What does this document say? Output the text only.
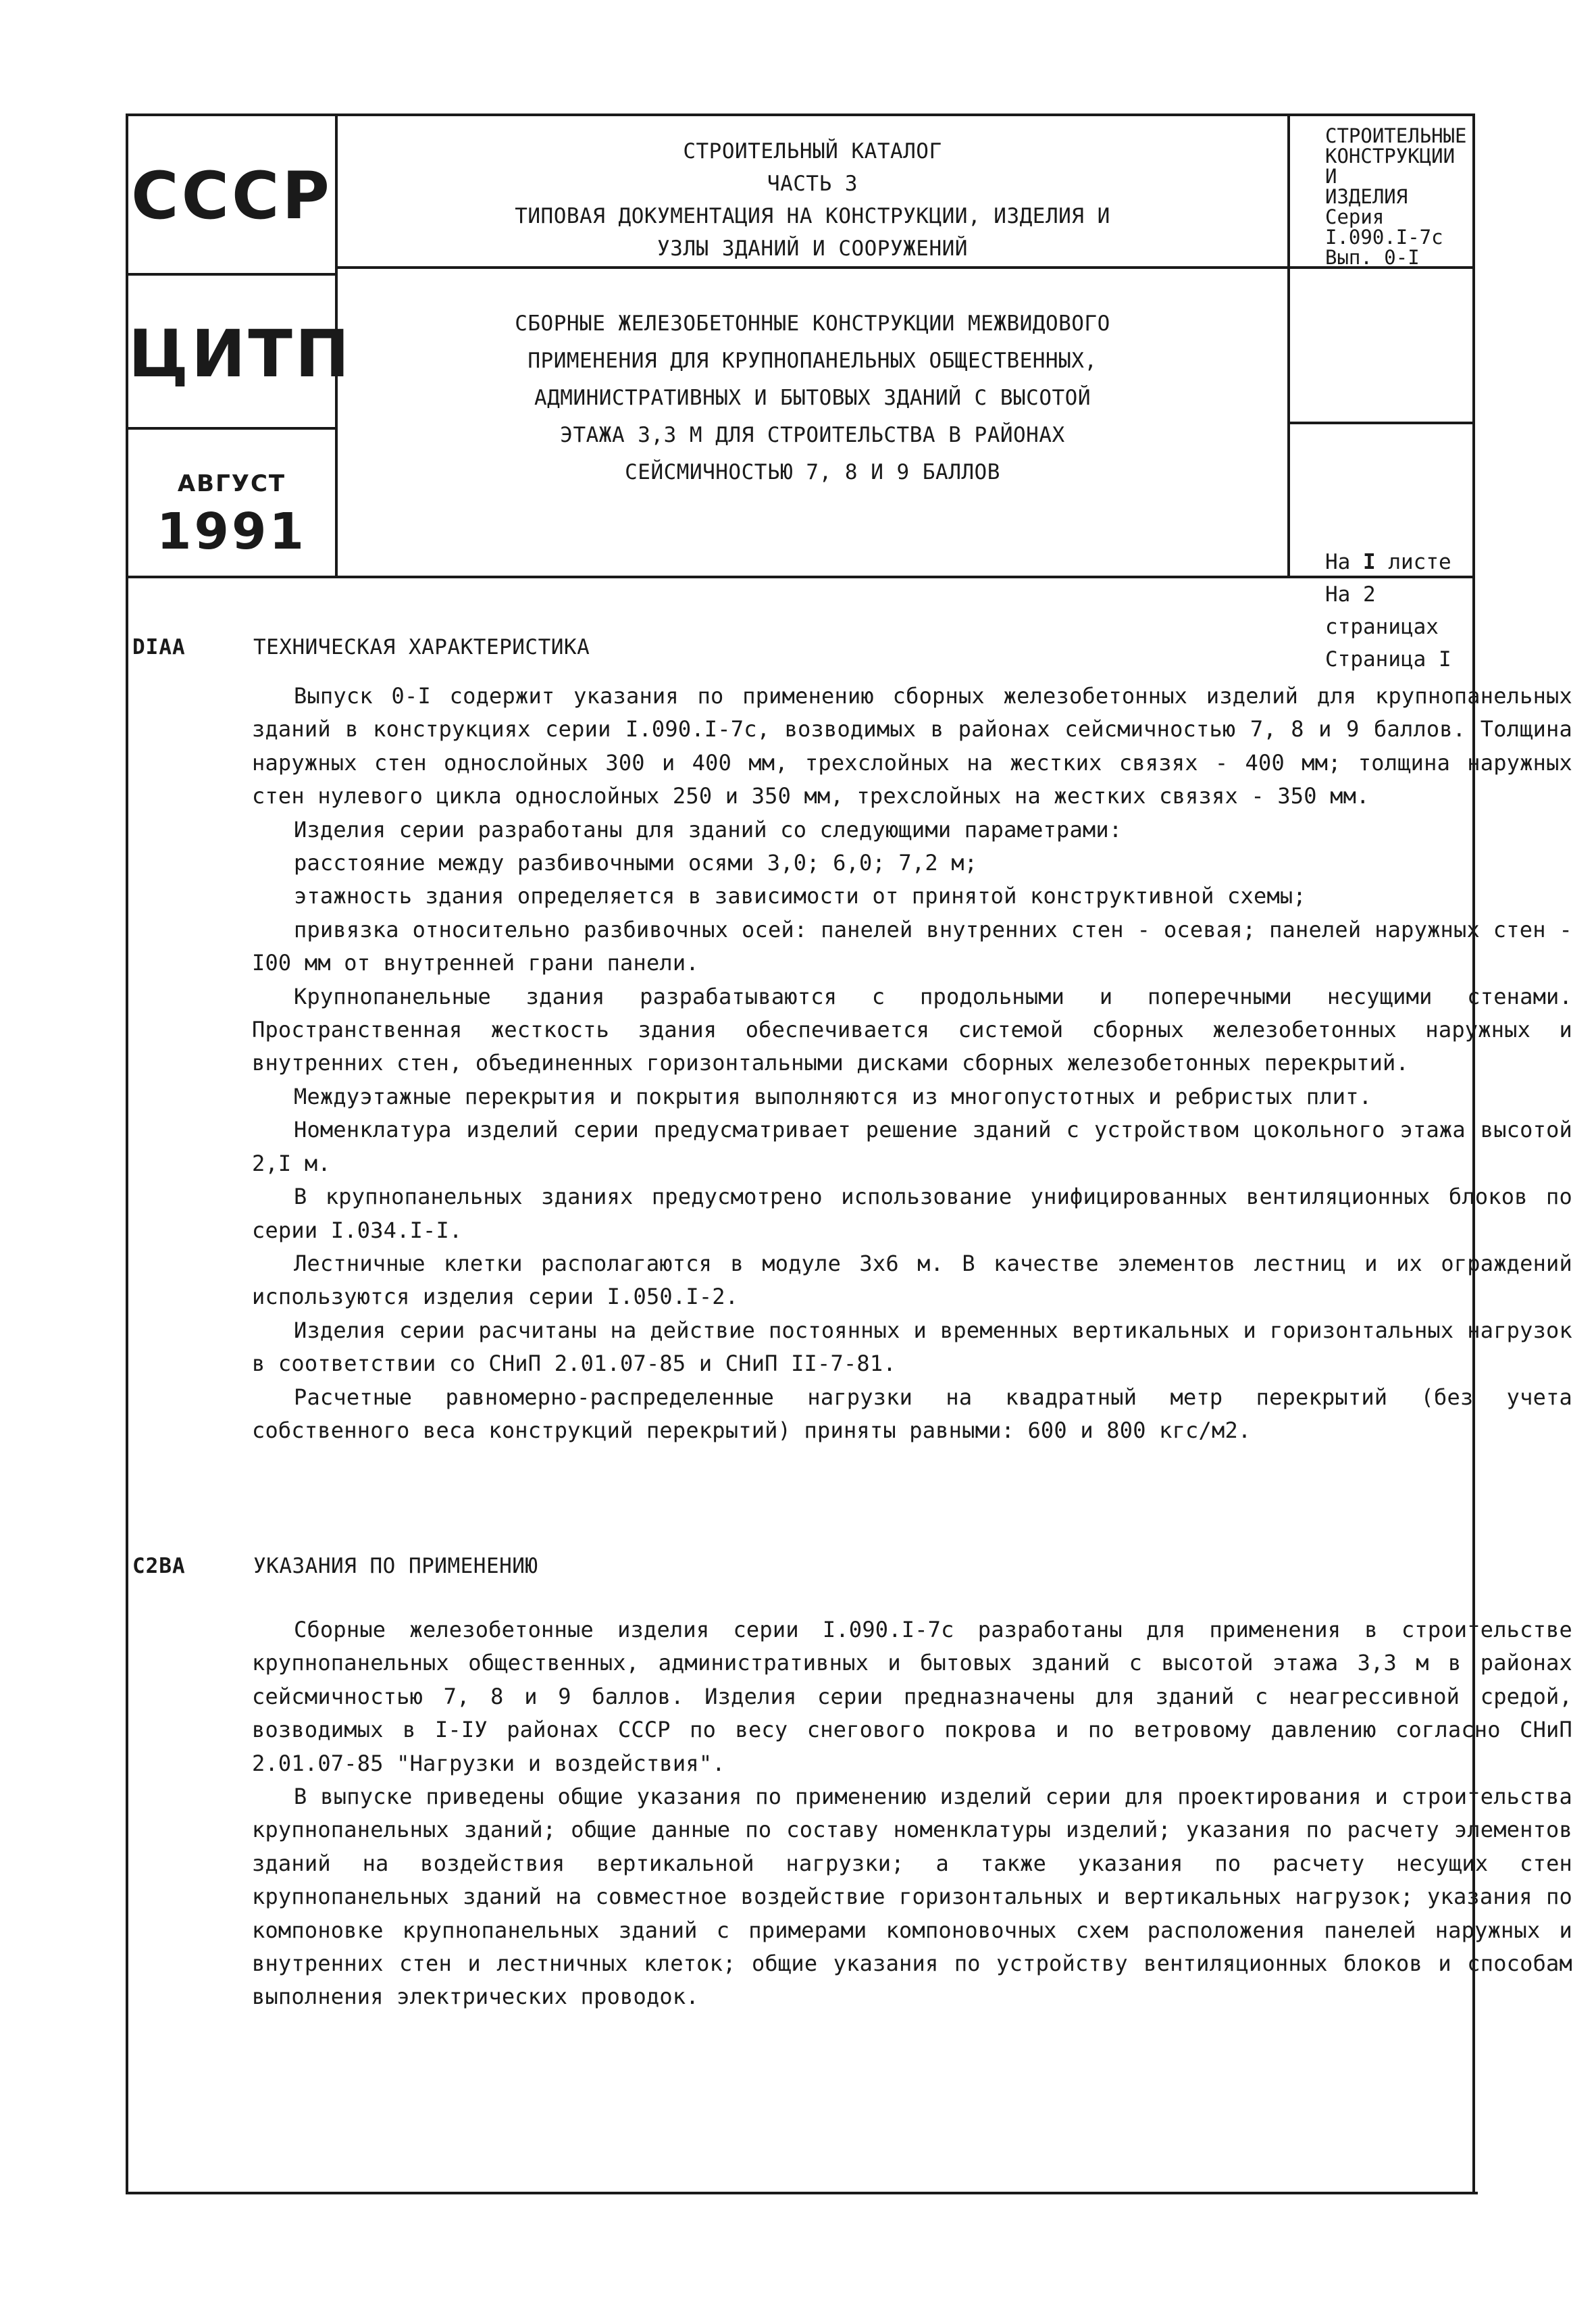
СССР
ЦИТП
АВГУСТ
1991
СТРОИТЕЛЬНЫЙ КАТАЛОГ
ЧАСТЬ 3
ТИПОВАЯ ДОКУМЕНТАЦИЯ НА КОНСТРУКЦИИ, ИЗДЕЛИЯ И
УЗЛЫ ЗДАНИЙ И СООРУЖЕНИЙ
СБОРНЫЕ ЖЕЛЕЗОБЕТОННЫЕ КОНСТРУКЦИИ МЕЖВИДОВОГО
ПРИМЕНЕНИЯ ДЛЯ КРУПНОПАНЕЛЬНЫХ ОБЩЕСТВЕННЫХ,
АДМИНИСТРАТИВНЫХ И БЫТОВЫХ ЗДАНИЙ С ВЫСОТОЙ
ЭТАЖА 3,3 М ДЛЯ СТРОИТЕЛЬСТВА В РАЙОНАХ
СЕЙСМИЧНОСТЬЮ 7, 8 И 9 БАЛЛОВ
СТРОИТЕЛЬНЫЕ
КОНСТРУКЦИИ И
ИЗДЕЛИЯ
Серия I.090.I-7с
Вып. 0-I
На I листе
На 2 страницах
Страница I
DIAA	ТЕХНИЧЕСКАЯ ХАРАКТЕРИСТИКА

Выпуск 0-I содержит указания по применению сборных железобетонных изделий для крупнопанельных зданий в конструкциях серии I.090.I-7с, возводимых в районах сейсмичностью 7, 8 и 9 баллов. Толщина наружных стен однослойных 300 и 400 мм, трехслойных на жестких связях - 400 мм; толщина наружных стен нулевого цикла однослойных 250 и 350 мм, трехслойных на жестких связях - 350 мм.

Изделия серии разработаны для зданий со следующими параметрами:

расстояние между разбивочными осями 3,0; 6,0; 7,2 м;

этажность здания определяется в зависимости от принятой конструктивной схемы;

привязка относительно разбивочных осей: панелей внутренних стен - осевая; панелей наружных стен - I00 мм от внутренней грани панели.

Крупнопанельные здания разрабатываются с продольными и поперечными несущими стенами. Пространственная жесткость здания обеспечивается системой сборных железобетонных наружных и внутренних стен, объединенных горизонтальными дисками сборных железобетонных перекрытий.

Междуэтажные перекрытия и покрытия выполняются из многопустотных и ребристых плит.

Номенклатура изделий серии предусматривает решение зданий с устройством цокольного этажа высотой 2,I м.

В крупнопанельных зданиях предусмотрено использование унифицированных вентиляционных блоков по серии I.034.I-I.

Лестничные клетки располагаются в модуле 3х6 м. В качестве элементов лестниц и их ограждений используются изделия серии I.050.I-2.

Изделия серии расчитаны на действие постоянных и временных вертикальных и горизонтальных нагрузок в соответствии со СНиП 2.01.07-85 и СНиП II-7-81.

Расчетные равномерно-распределенные нагрузки на квадратный метр перекрытий (без учета собственного веса конструкций перекрытий) приняты равными: 600 и 800 кгс/м2.

C2BA	УКАЗАНИЯ ПО ПРИМЕНЕНИЮ

Сборные железобетонные изделия серии I.090.I-7с разработаны для применения в строительстве крупнопанельных общественных, административных и бытовых зданий с высотой этажа 3,3 м в районах сейсмичностью 7, 8 и 9 баллов. Изделия серии предназначены для зданий с неагрессивной средой, возводимых в I-IУ районах СССР по весу снегового покрова и по ветровому давлению согласно СНиП 2.01.07-85 "Нагрузки и воздействия".

В выпуске приведены общие указания по применению изделий серии для проектирования и строительства крупнопанельных зданий; общие данные по составу номенклатуры изделий; указания по расчету элементов зданий на воздействия вертикальной нагрузки; а также указания по расчету несущих стен крупнопанельных зданий на совместное воздействие горизонтальных и вертикальных нагрузок; указания по компоновке крупнопанельных зданий с примерами компоновочных схем расположения панелей наружных и внутренних стен и лестничных клеток; общие указания по устройству вентиляционных блоков и способам выполнения электрических проводок.
